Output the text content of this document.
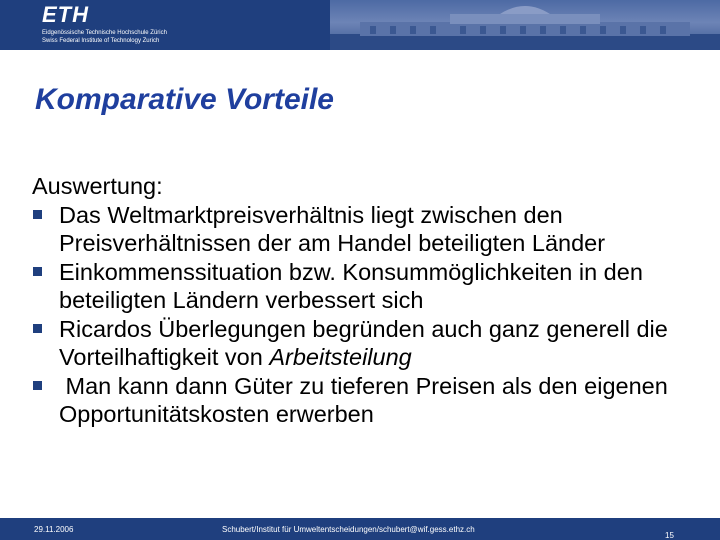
ETH
Eidgenössische Technische Hochschule Zürich
Swiss Federal Institute of Technology Zurich
Komparative Vorteile
Auswertung:
Das Weltmarktpreisverhältnis liegt zwischen den Preisverhältnissen der am Handel beteiligten Länder
Einkommenssituation bzw. Konsummöglichkeiten in den beteiligten Ländern verbessert sich
Ricardos Überlegungen begründen auch ganz generell die Vorteilhaftigkeit von Arbeitsteilung
Man kann dann Güter zu tieferen Preisen als den eigenen Opportunitätskosten erwerben
29.11.2006	Schubert/Institut für Umweltentscheidungen/schubert@wif.gess.ethz.ch
15
